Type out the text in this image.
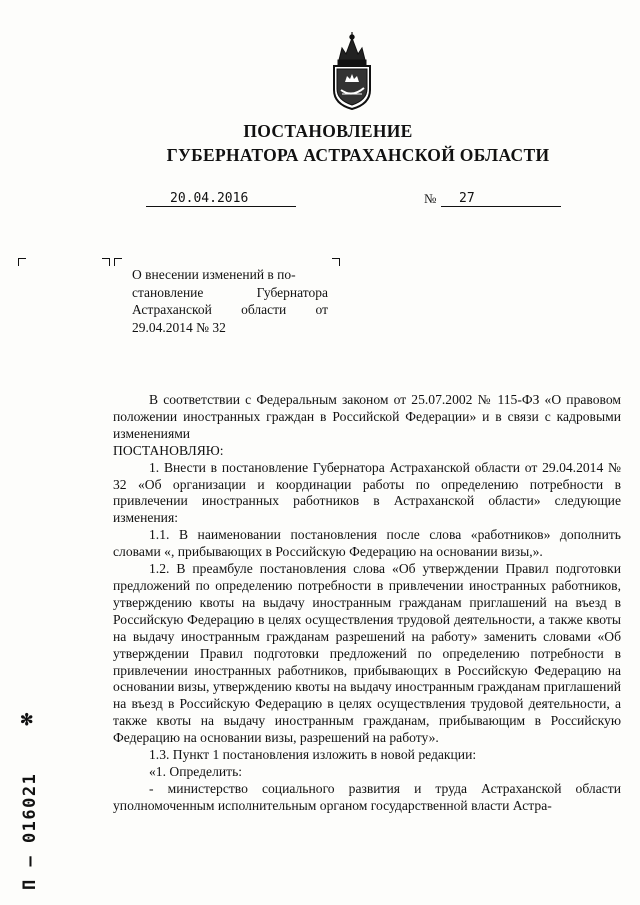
ПОСТАНОВЛЕНИЕ
ГУБЕРНАТОРА АСТРАХАНСКОЙ ОБЛАСТИ
20.04.2016	№	27
О внесении изменений в по-
становление Губернатора
Астраханской области от
29.04.2014 № 32

В соответствии с Федеральным законом от 25.07.2002 № 115-ФЗ «О правовом положении иностранных граждан в Российской Федерации» и в связи с кадровыми изменениями

ПОСТАНОВЛЯЮ:

1. Внести в постановление Губернатора Астраханской области от 29.04.2014 № 32 «Об организации и координации работы по определению потребности в привлечении иностранных работников в Астраханской области» следующие изменения:

1.1. В наименовании постановления после слова «работников» дополнить словами «, прибывающих в Российскую Федерацию на основании визы,».

1.2. В преамбуле постановления слова «Об утверждении Правил подготовки предложений по определению потребности в привлечении иностранных работников, утверждению квоты на выдачу иностранным гражданам приглашений на въезд в Российскую Федерацию в целях осуществления трудовой деятельности, а также квоты на выдачу иностранным гражданам разрешений на работу» заменить словами «Об утверждении Правил подготовки предложений по определению потребности в привлечении иностранных работников, прибывающих в Российскую Федерацию на основании визы, утверждению квоты на выдачу иностранным гражданам приглашений на въезд в Российскую Федерацию в целях осуществления трудовой деятельности, а также квоты на выдачу иностранным гражданам, прибывающим в Российскую Федерацию на основании визы, разрешений на работу».

1.3. Пункт 1 постановления изложить в новой редакции:

«1. Определить:

- министерство социального развития и труда Астраханской области уполномоченным исполнительным органом государственной власти Астра-

✻
П – 016021
